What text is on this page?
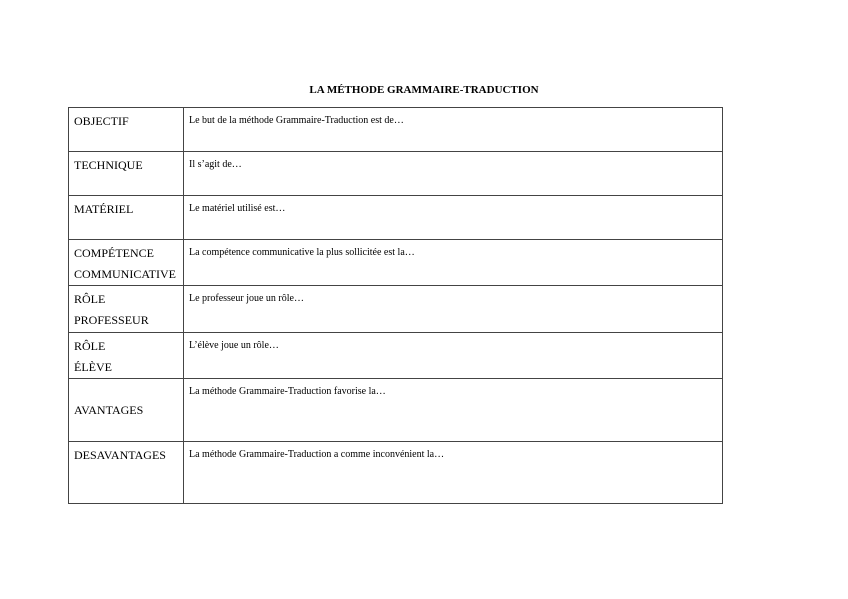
LA MÉTHODE GRAMMAIRE-TRADUCTION
OBJECTIF	Le but de la méthode Grammaire-Traduction est de…

TECHNIQUE	Il s’agit de…

MATÉRIEL	Le matériel utilisé est…

COMPÉTENCE
COMMUNICATIVE	La compétence communicative la plus sollicitée est la…

RÔLE
PROFESSEUR	Le professeur joue un rôle…

RÔLE
ÉLÈVE	L’élève joue un rôle…

AVANTAGES	La méthode Grammaire-Traduction favorise la…

DESAVANTAGES	La méthode Grammaire-Traduction a comme inconvénient la…
